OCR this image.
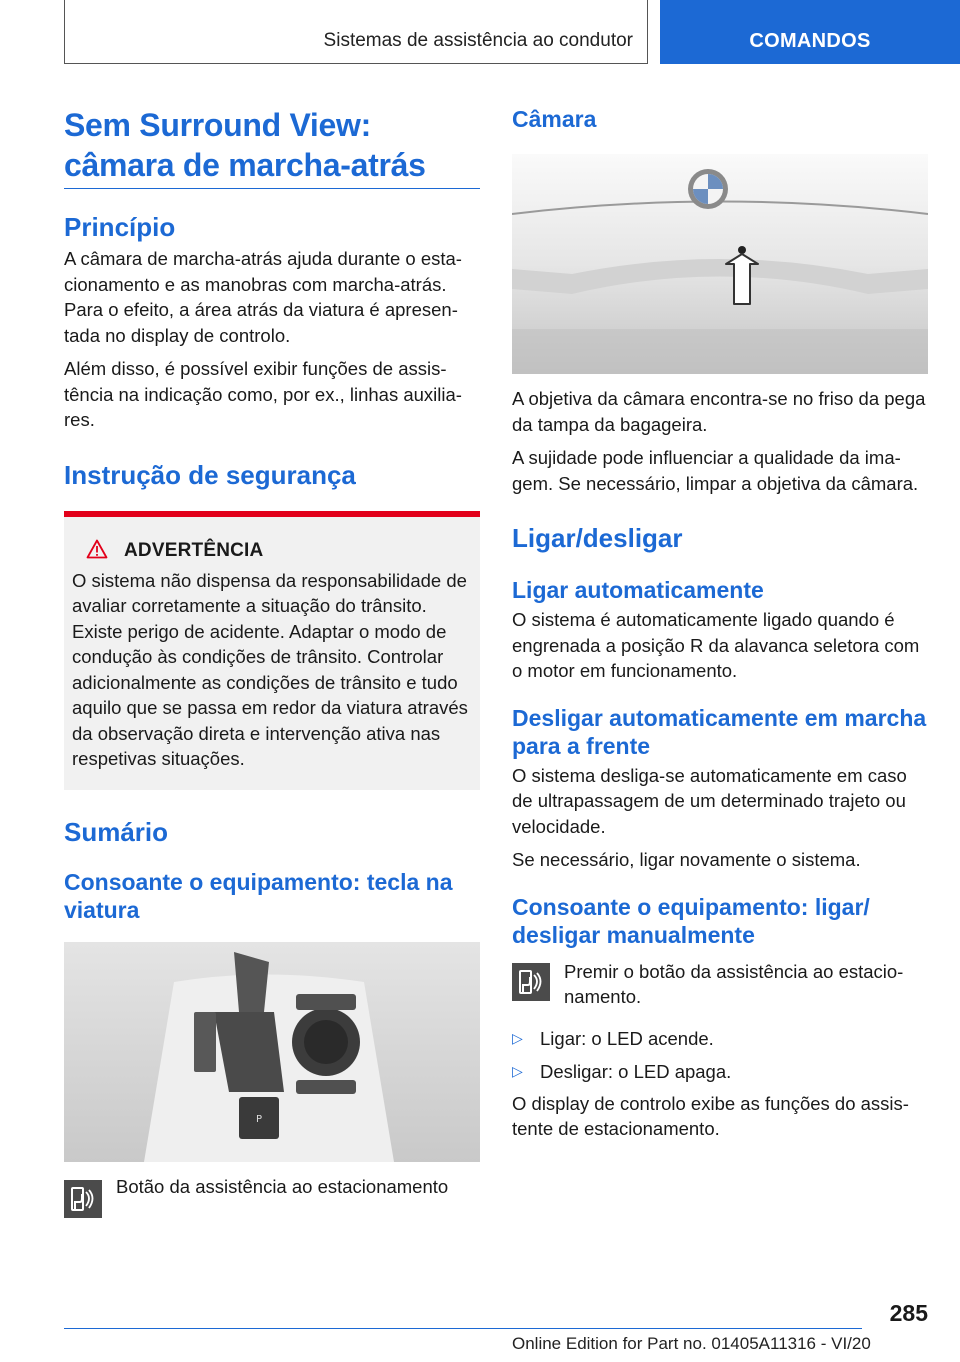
Sistemas de assistência ao condutor	COMANDOS
Sem Surround View:
câmara de marcha-atrás
Princípio

A câmara de marcha-atrás ajuda durante o esta-cionamento e as manobras com marcha-atrás. Para o efeito, a área atrás da viatura é apresen-tada no display de controlo.

Além disso, é possível exibir funções de assis-tência na indicação como, por ex., linhas auxilia-res.

Instrução de segurança
ADVERTÊNCIA

O sistema não dispensa da responsabilidade de avaliar corretamente a situação do trânsito. Existe perigo de acidente. Adaptar o modo de condução às condições de trânsito. Controlar adicionalmente as condições de trânsito e tudo aquilo que se passa em redor da viatura através da observação direta e intervenção ativa nas respetivas situações.

Sumário
Consoante o equipamento: tecla na viatura
P

Botão da assistência ao estacionamento

Câmara

A objetiva da câmara encontra-se no friso da pega da tampa da bagageira.

A sujidade pode influenciar a qualidade da ima-gem. Se necessário, limpar a objetiva da câmara.

Ligar/desligar
Ligar automaticamente

O sistema é automaticamente ligado quando é engrenada a posição R da alavanca seletora com o motor em funcionamento.

Desligar automaticamente em marcha para a frente

O sistema desliga-se automaticamente em caso de ultrapassagem de um determinado trajeto ou velocidade.

Se necessário, ligar novamente o sistema.

Consoante o equipamento: ligar/ desligar manualmente

Premir o botão da assistência ao estacio-namento.

▷ Ligar: o LED acende.

▷ Desligar: o LED apaga.

O display de controlo exibe as funções do assis-tente de estacionamento.

285
Online Edition for Part no. 01405A11316 - VI/20
